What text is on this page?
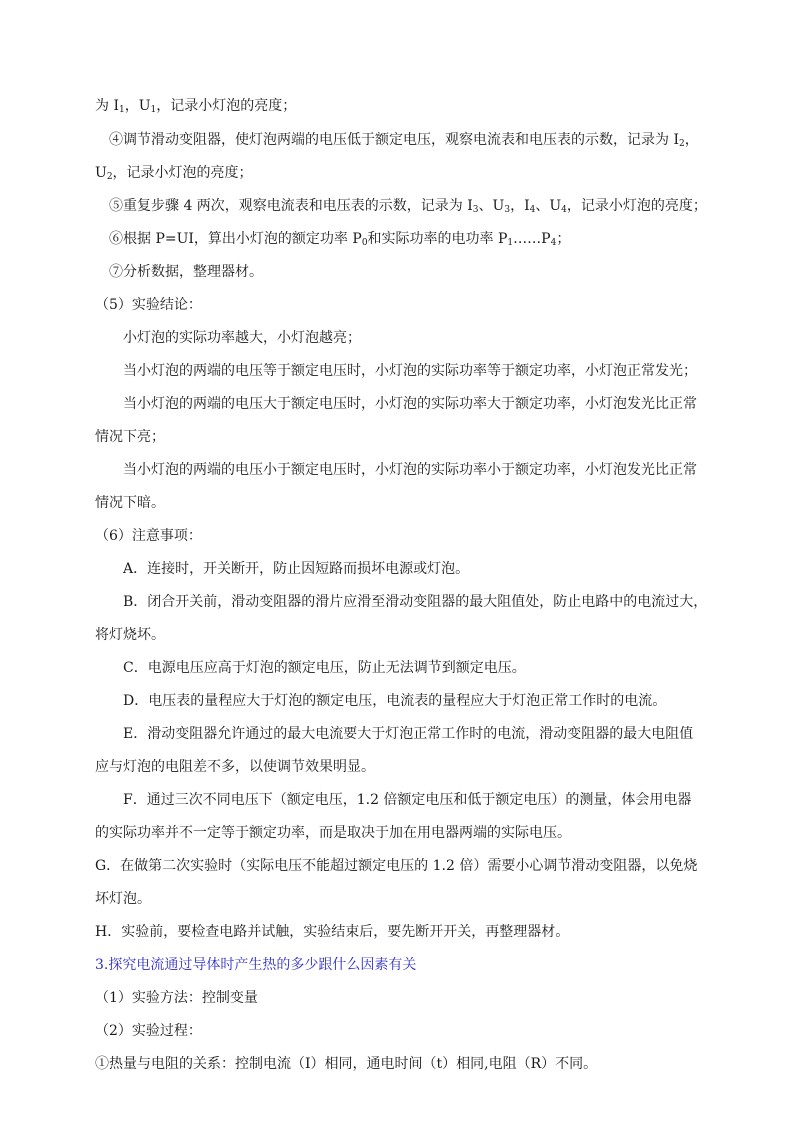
为 $I_1$，$U_1$，记录小灯泡的亮度；
④调节滑动变阻器，使灯泡两端的电压低于额定电压，观察电流表和电压表的示数，记录为 $I_2$，
$U_2$，记录小灯泡的亮度；
⑤重复步骤 4 两次，观察电流表和电压表的示数，记录为 $I_3$、$U_3$，$I_4$、$U_4$，记录小灯泡的亮度；
⑥根据 P=UI，算出小灯泡的额定功率 $P_0$和实际功率的电功率 $P_1\dots\dots P_4$；
⑦分析数据，整理器材。
（5）实验结论：
小灯泡的实际功率越大，小灯泡越亮；
当小灯泡的两端的电压等于额定电压时，小灯泡的实际功率等于额定功率，小灯泡正常发光；
当小灯泡的两端的电压大于额定电压时，小灯泡的实际功率大于额定功率，小灯泡发光比正常
情况下亮；
当小灯泡的两端的电压小于额定电压时，小灯泡的实际功率小于额定功率，小灯泡发光比正常
情况下暗。
（6）注意事项：
A．连接时，开关断开，防止因短路而损坏电源或灯泡。
B．闭合开关前，滑动变阻器的滑片应滑至滑动变阻器的最大阻值处，防止电路中的电流过大，
将灯烧坏。
C．电源电压应高于灯泡的额定电压，防止无法调节到额定电压。
D．电压表的量程应大于灯泡的额定电压，电流表的量程应大于灯泡正常工作时的电流。
E．滑动变阻器允许通过的最大电流要大于灯泡正常工作时的电流，滑动变阻器的最大电阻值
应与灯泡的电阻差不多，以使调节效果明显。
F．通过三次不同电压下（额定电压，1.2 倍额定电压和低于额定电压）的测量，体会用电器
的实际功率并不一定等于额定功率，而是取决于加在用电器两端的实际电压。
G．在做第二次实验时（实际电压不能超过额定电压的 1.2 倍）需要小心调节滑动变阻器，以免烧
坏灯泡。
H．实验前，要检查电路并试触，实验结束后，要先断开开关，再整理器材。
3.探究电流通过导体时产生热的多少跟什么因素有关
（1）实验方法：控制变量
（2）实验过程：
①热量与电阻的关系：控制电流（I）相同，通电时间（t）相同,电阻（R）不同。
